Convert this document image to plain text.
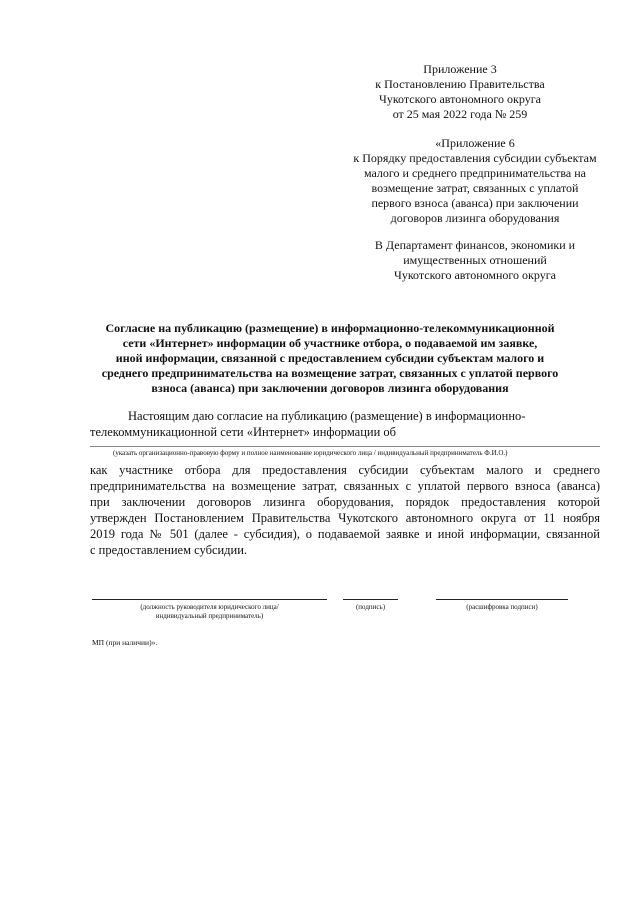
Приложение 3
к Постановлению Правительства
Чукотского автономного округа
от 25 мая 2022 года № 259
«Приложение 6
к Порядку предоставления субсидии субъектам
малого и среднего предпринимательства на
возмещение затрат, связанных с уплатой
первого взноса (аванса) при заключении
договоров лизинга оборудования
В Департамент финансов, экономики и
имущественных отношений
Чукотского автономного округа
Согласие на публикацию (размещение) в информационно-телекоммуникационной
сети «Интернет» информации об участнике отбора, о подаваемой им заявке,
иной информации, связанной с предоставлением субсидии субъектам малого и
среднего предпринимательства на возмещение затрат, связанных с уплатой первого
взноса (аванса) при заключении договоров лизинга оборудования
Настоящим даю согласие на публикацию (размещение) в информационно-
телекоммуникационной сети «Интернет» информации об
(указать организационно-правовую форму и полное наименование юридического лица / индивидуальный предприниматель Ф.И.О.)
как участнике отбора для предоставления субсидии субъектам малого и среднего
предпринимательства на возмещение затрат, связанных с уплатой первого взноса (аванса)
при заключении договоров лизинга оборудования, порядок предоставления которой
утвержден Постановлением Правительства Чукотского автономного округа от 11 ноября
2019 года № 501 (далее - субсидия), о подаваемой заявке и иной информации, связанной
с предоставлением субсидии.
(должность руководителя юридического лица/
индивидуальный предприниматель)
(подпись)	(расшифровка подписи)
МП (при наличии)».
